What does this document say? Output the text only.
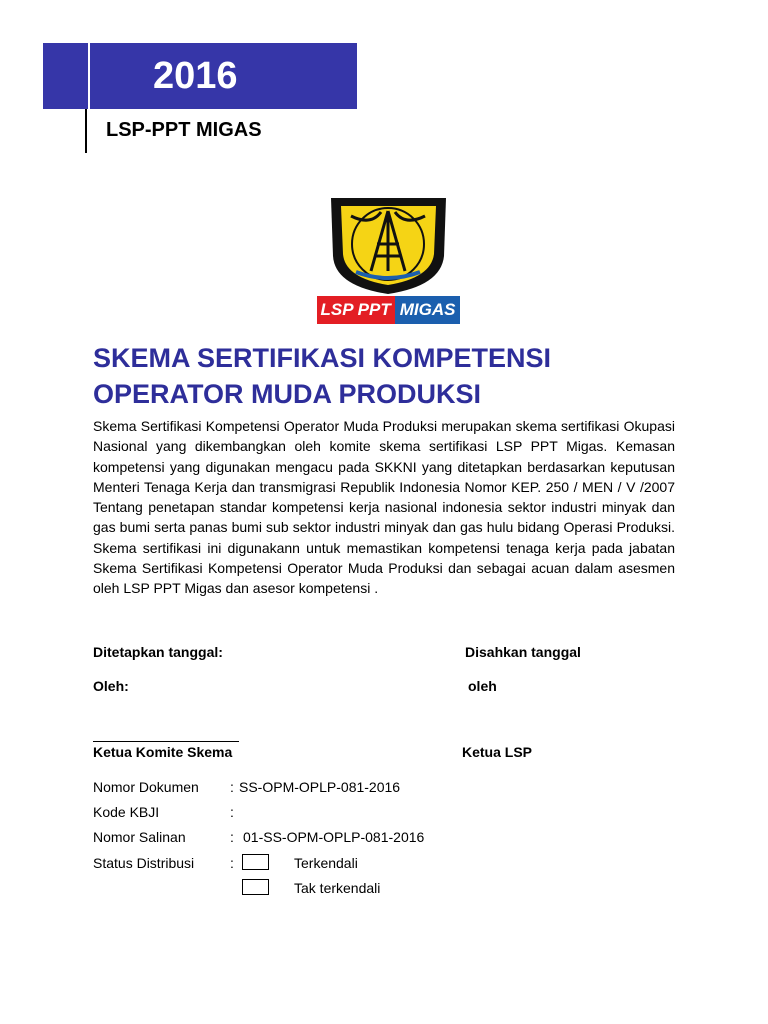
2016
LSP-PPT MIGAS
LSP PPT MIGAS
SKEMA SERTIFIKASI KOMPETENSI
OPERATOR MUDA PRODUKSI

Skema Sertifikasi Kompetensi Operator Muda Produksi merupakan skema sertifikasi Okupasi Nasional yang dikembangkan oleh komite skema sertifikasi LSP PPT Migas. Kemasan kompetensi yang digunakan mengacu pada SKKNI yang ditetapkan berdasarkan keputusan Menteri Tenaga Kerja dan transmigrasi Republik Indonesia Nomor KEP. 250 / MEN / V /2007 Tentang penetapan standar kompetensi kerja nasional indonesia sektor industri minyak dan gas bumi serta panas bumi sub sektor industri minyak dan gas hulu bidang Operasi Produksi. Skema sertifikasi ini digunakann untuk memastikan kompetensi tenaga kerja pada jabatan Skema Sertifikasi Kompetensi Operator Muda Produksi dan sebagai acuan dalam asesmen oleh LSP PPT Migas dan asesor kompetensi .

Ditetapkan tanggal:	Disahkan tanggal
Oleh:	oleh
Ketua Komite Skema	Ketua LSP
Nomor Dokumen : SS-OPM-OPLP-081-2016
Kode KBJI	:
Nomor Salinan	: 01-SS-OPM-OPLP-081-2016
Status Distribusi	:	Terkendali
Tak terkendali
